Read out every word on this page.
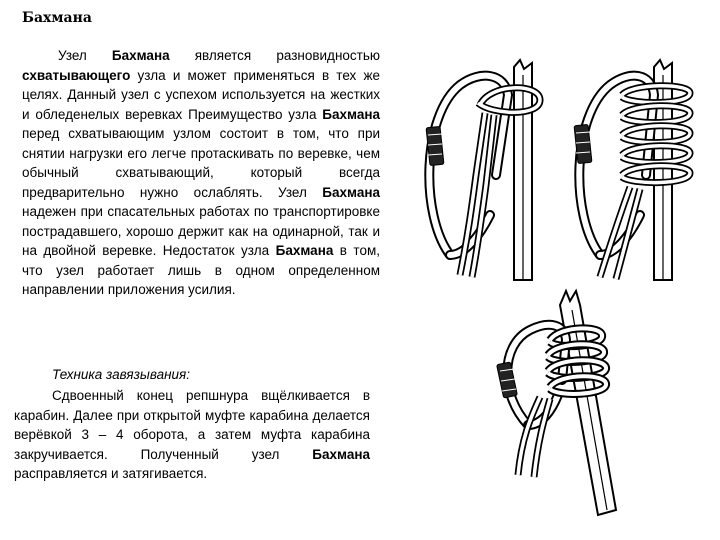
Бахмана
Узел Бахмана является разновидностью схватывающего узла и может применяться в тех же целях. Данный узел с успехом используется на жестких и обледенелых веревках Преимущество узла Бахмана перед схватывающим узлом состоит в том, что при снятии нагрузки его легче протаскивать по веревке, чем обычный схватывающий, который всегда предварительно нужно ослаблять. Узел Бахмана надежен при спасательных работах по транспортировке пострадавшего, хорошо держит как на одинарной, так и на двойной веревке. Недостаток узла Бахмана в том, что узел работает лишь в одном определенном направлении приложения усилия.
Техника завязывания:
Сдвоенный конец репшнура вщёлкивается в карабин. Далее при открытой муфте карабина делается верёвкой 3 – 4 оборота, а затем муфта карабина закручивается. Полученный узел Бахмана расправляется и затягивается.
